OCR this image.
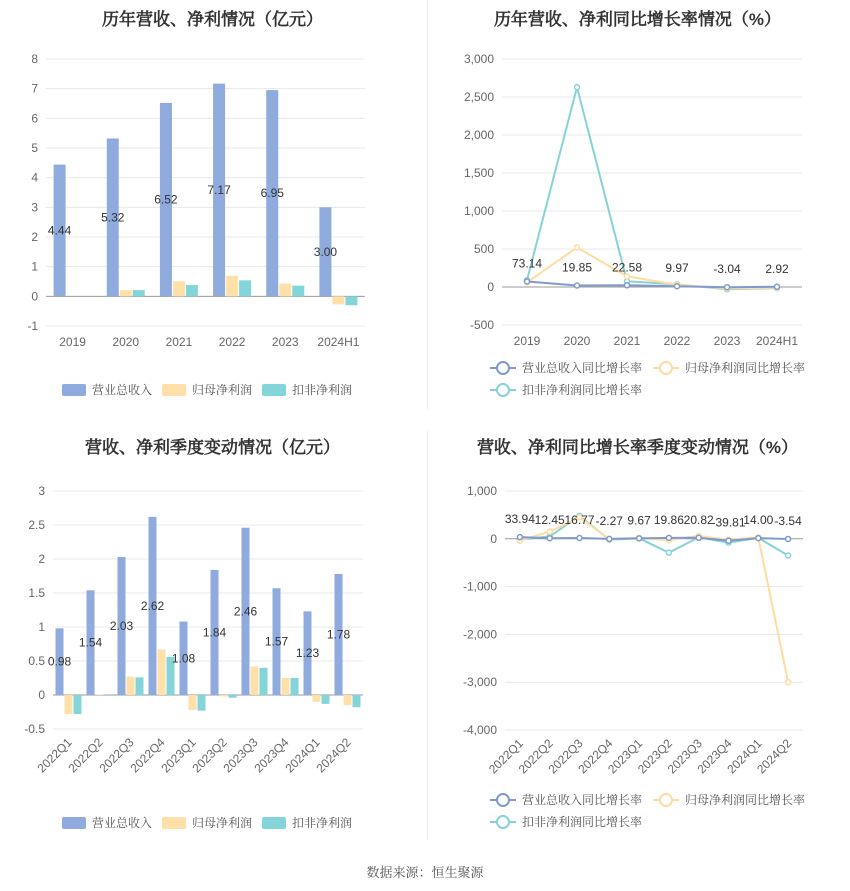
历年营收、净利情况（亿元）
-1
0
1
2
3
4
5
6
7
8
4.44
2019
5.32
2020
6.52
2021
7.17
2022
6.95
2023
3.00
2024H1
营业总收入	归母净利润	扣非净利润
历年营收、净利同比增长率情况（%）
-500
0
500
1,000
1,500
2,000
2,500
3,000
73.14 19.85 22.58 9.97 -3.04 2.92
2019 2020 2021 2022 2023 2024H1
营业总收入同比增长率	归母净利润同比增长率
扣非净利润同比增长率
营收、净利季度变动情况（亿元）
-0.5
0
0.5
1
1.5
2
2.5
3
0.98
2022Q1
1.54
2022Q2
2.03
2022Q3
2.62
2022Q4
1.08
2023Q1
1.84
2023Q2
2.46
2023Q3
1.57
2023Q4
1.23
2024Q1
1.78
2024Q2
营业总收入	归母净利润	扣非净利润
营收、净利同比增长率季度变动情况（%）
-4,000
-3,000
-2,000
-1,000
0
1,000
33.94 12.45 16.77 -2.27 9.67 19.86 20.82
-39.81
14.00 -3.54
2022Q1
2022Q2
2022Q3
2022Q4
2023Q1
2023Q2
2023Q3
2023Q4
2024Q1
2024Q2
营业总收入同比增长率	归母净利润同比增长率
扣非净利润同比增长率
数据来源：恒生聚源
